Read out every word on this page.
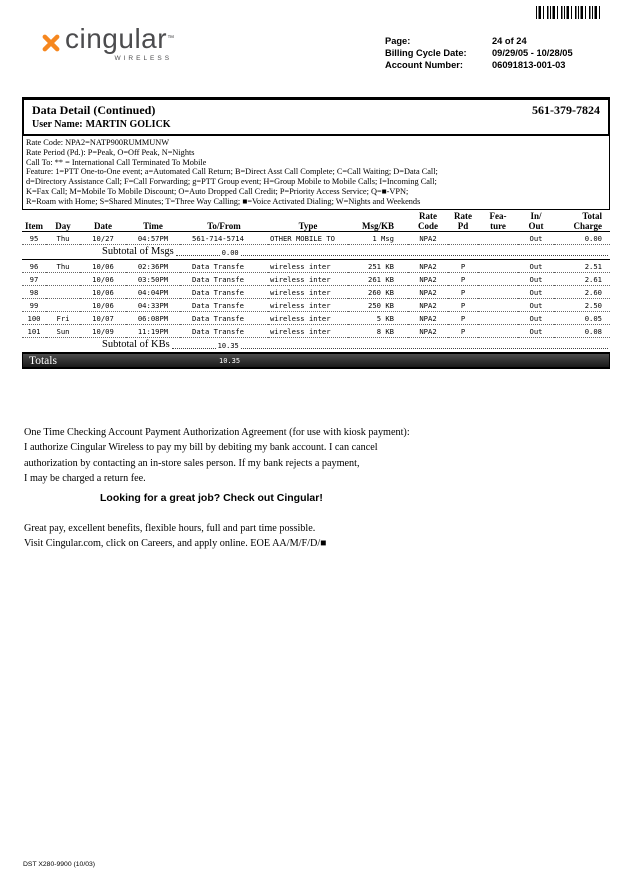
cingular™
WIRELESS
Page:	24 of 24
Billing Cycle Date:	09/29/05 - 10/28/05
Account Number:	06091813-001-03
Data Detail (Continued)	561-379-7824
User Name: MARTIN GOLICK
Rate Code: NPA2=NATP900RUMMUNW
Rate Period (Pd.): P=Peak, O=Off Peak, N=Nights
Call To: ** = International Call Terminated To Mobile
Feature: 1=PTT One-to-One event; a=Automated Call Return; B=Direct Asst Call Complete; C=Call Waiting; D=Data Call;
d=Directory Assistance Call; F=Call Forwarding; g=PTT Group event; H=Group Mobile to Mobile Calls; I=Incoming Call;
K=Fax Call; M=Mobile To Mobile Discount; O=Auto Dropped Call Credit; P=Priority Access Service; Q=■-VPN;
R=Roam with Home; S=Shared Minutes; T=Three Way Calling; ■=Voice Activated Dialing; W=Nights and Weekends
							Rate	Rate	Fea-	In/	Total
Item	Day	Date	Time	To/From	Type	Msg/KB	Code	Pd	ture	Out	Charge
95	Thu	10/27	04:57PM	561-714-5714	OTHER MOBILE TO	1 Msg	NPA2			Out	0.00

		Subtotal of Msgs 0.00									

96	Thu	10/06	02:36PM	Data Transfe	wireless inter	251 KB	NPA2	P		Out	2.51
97		10/06	03:50PM	Data Transfe	wireless inter	261 KB	NPA2	P		Out	2.61
98		10/06	04:04PM	Data Transfe	wireless inter	260 KB	NPA2	P		Out	2.60
99		10/06	04:33PM	Data Transfe	wireless inter	250 KB	NPA2	P		Out	2.50
100	Fri	10/07	06:08PM	Data Transfe	wireless inter	5 KB	NPA2	P		Out	0.05
101	Sun	10/09	11:19PM	Data Transfe	wireless inter	8 KB	NPA2	P		Out	0.08

		Subtotal of KBs 10.35									
Totals	10.35
One Time Checking Account Payment Authorization Agreement (for use with kiosk payment):
I authorize Cingular Wireless to pay my bill by debiting my bank account. I can cancel
authorization by contacting an in-store sales person. If my bank rejects a payment,
I may be charged a return fee.
Looking for a great job? Check out Cingular!
Great pay, excellent benefits, flexible hours, full and part time possible.
Visit Cingular.com, click on Careers, and apply online. EOE AA/M/F/D/■
DST X280-9900 (10/03)
